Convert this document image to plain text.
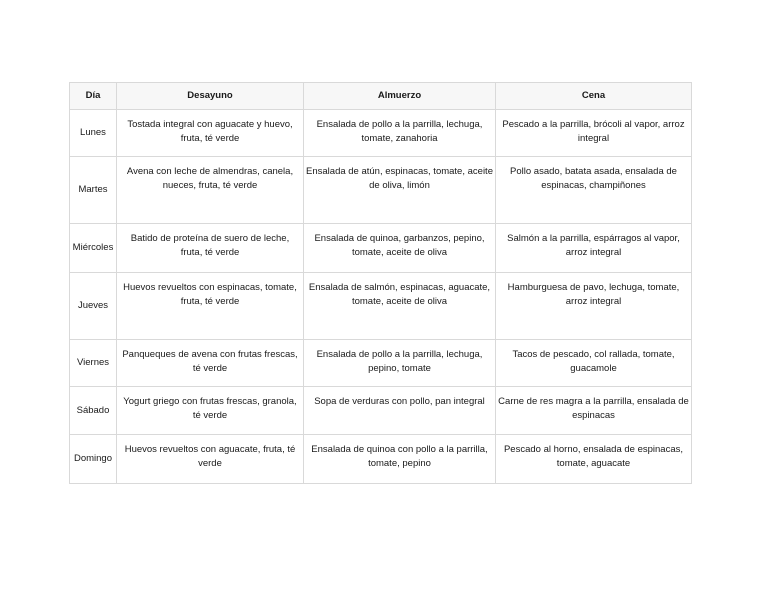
Día	Desayuno	Almuerzo	Cena
Lunes	Tostada integral con aguacate y huevo, fruta, té verde	Ensalada de pollo a la parrilla, lechuga, tomate, zanahoria	Pescado a la parrilla, brócoli al vapor, arroz integral
Martes	Avena con leche de almendras, canela, nueces, fruta, té verde	Ensalada de atún, espinacas, tomate, aceite de oliva, limón	Pollo asado, batata asada, ensalada de espinacas, champiñones
Miércoles	Batido de proteína de suero de leche, fruta, té verde	Ensalada de quinoa, garbanzos, pepino, tomate, aceite de oliva	Salmón a la parrilla, espárragos al vapor, arroz integral
Jueves	Huevos revueltos con espinacas, tomate, fruta, té verde	Ensalada de salmón, espinacas, aguacate, tomate, aceite de oliva	Hamburguesa de pavo, lechuga, tomate, arroz integral
Viernes	Panqueques de avena con frutas frescas, té verde	Ensalada de pollo a la parrilla, lechuga, pepino, tomate	Tacos de pescado, col rallada, tomate, guacamole
Sábado	Yogurt griego con frutas frescas, granola, té verde	Sopa de verduras con pollo, pan integral	Carne de res magra a la parrilla, ensalada de espinacas
Domingo	Huevos revueltos con aguacate, fruta, té verde	Ensalada de quinoa con pollo a la parrilla, tomate, pepino	Pescado al horno, ensalada de espinacas, tomate, aguacate
